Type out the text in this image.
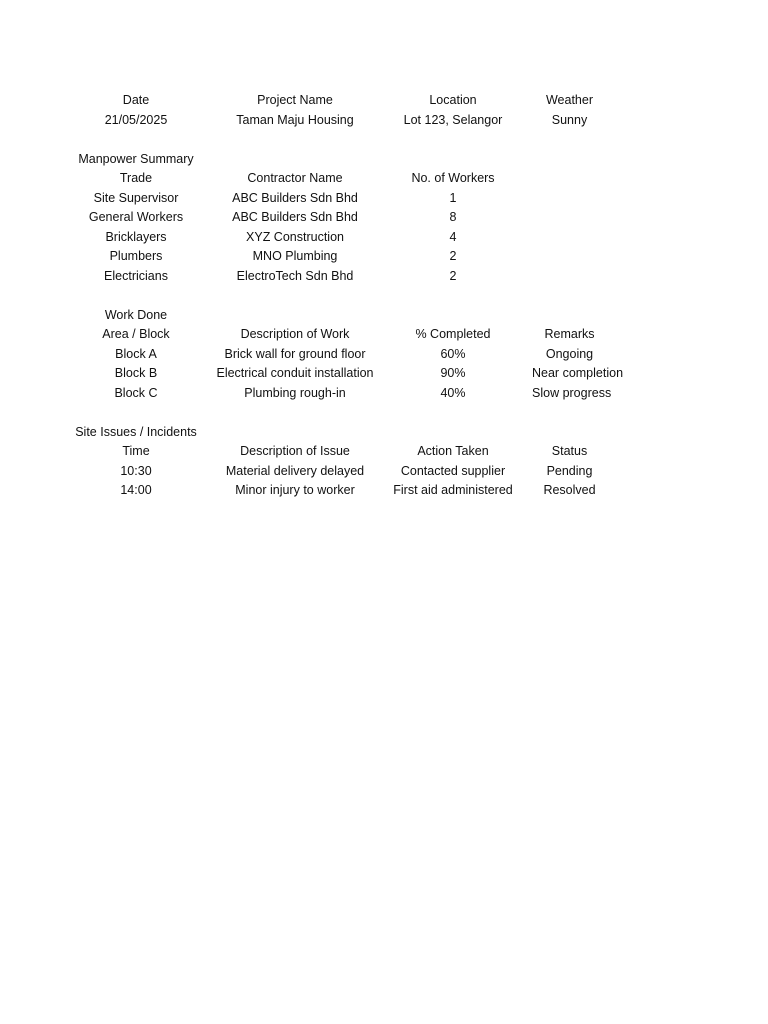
Date	Project Name	Location	Weather
21/05/2025	Taman Maju Housing	Lot 123, Selangor	Sunny
Manpower Summary
Trade	Contractor Name	No. of Workers
Site Supervisor	ABC Builders Sdn Bhd	1
General Workers	ABC Builders Sdn Bhd	8
Bricklayers	XYZ Construction	4
Plumbers	MNO Plumbing	2
Electricians	ElectroTech Sdn Bhd	2
Work Done
Area / Block	Description of Work	% Completed	Remarks
Block A	Brick wall for ground floor	60%	Ongoing
Block B	Electrical conduit installation	90%	Near completion
Block C	Plumbing rough-in	40%	Slow progress
Site Issues / Incidents
Time	Description of Issue	Action Taken	Status
10:30	Material delivery delayed	Contacted supplier	Pending
14:00	Minor injury to worker	First aid administered	Resolved
